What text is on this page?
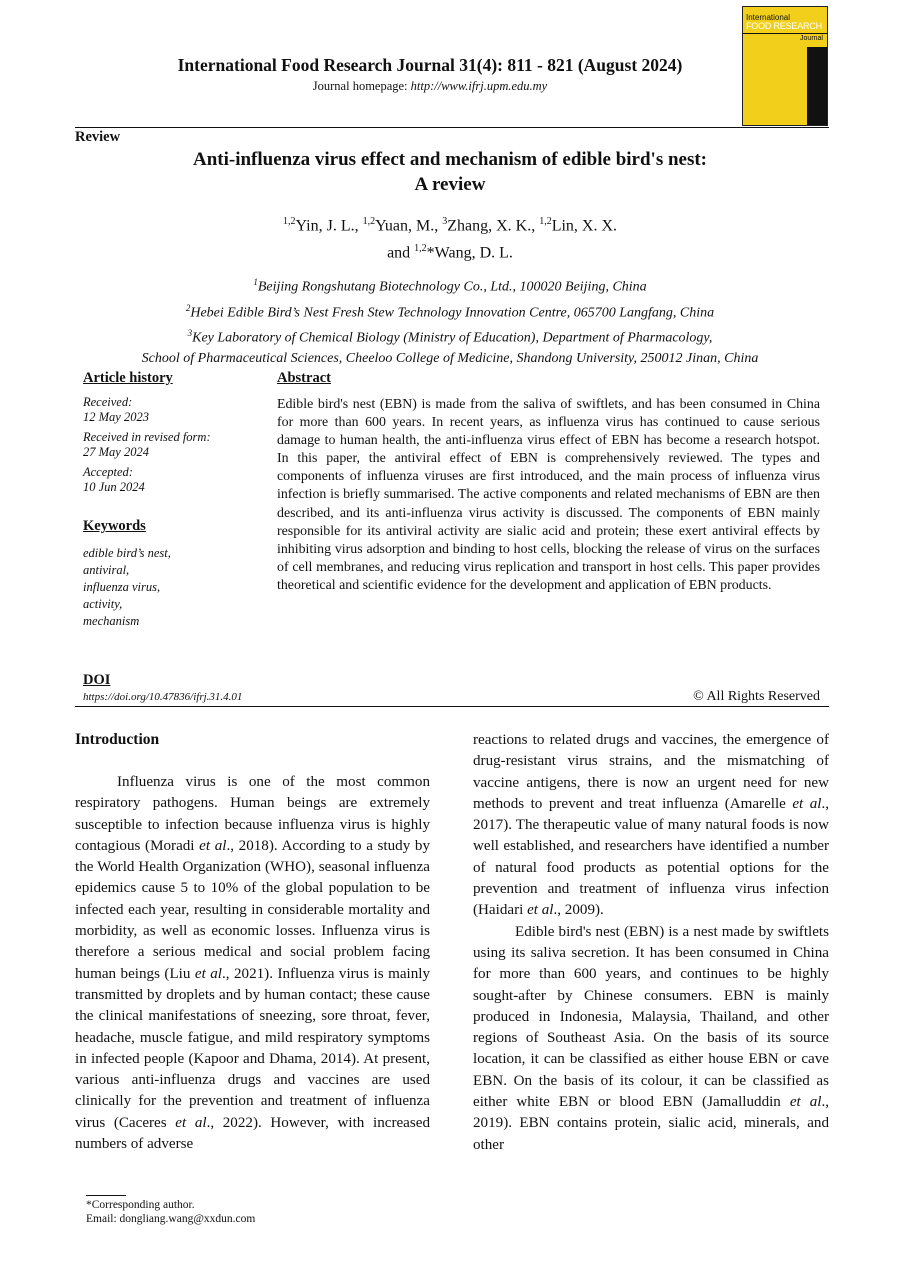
International Food Research Journal 31(4): 811 - 821 (August 2024)
Journal homepage: http://www.ifrj.upm.edu.my
International
FOOD RESEARCH
Journal
Review
Anti-influenza virus effect and mechanism of edible bird's nest:
A review
$^{1,2}$Yin, J. L., $^{1,2}$Yuan, M., $^3$Zhang, X. K., $^{1,2}$Lin, X. X.
and $^{1,2}$*Wang, D. L.
$^1$Beijing Rongshutang Biotechnology Co., Ltd., 100020 Beijing, China
$^2$Hebei Edible Bird’s Nest Fresh Stew Technology Innovation Centre, 065700 Langfang, China
$^3$Key Laboratory of Chemical Biology (Ministry of Education), Department of Pharmacology,
School of Pharmaceutical Sciences, Cheeloo College of Medicine, Shandong University, 250012 Jinan, China
Article history
Received:
12 May 2023
Received in revised form:
27 May 2024
Accepted:
10 Jun 2024
Keywords
edible bird’s nest,
antiviral,
influenza virus,
activity,
mechanism
Abstract
Edible bird's nest (EBN) is made from the saliva of swiftlets, and has been consumed in China for more than 600 years. In recent years, as influenza virus has continued to cause serious damage to human health, the anti-influenza virus effect of EBN has become a research hotspot. In this paper, the antiviral effect of EBN is comprehensively reviewed. The types and components of influenza viruses are first introduced, and the main process of influenza virus infection is briefly summarised. The active components and related mechanisms of EBN are then described, and its anti-influenza virus activity is discussed. The components of EBN mainly responsible for its antiviral activity are sialic acid and protein; these exert antiviral effects by inhibiting virus adsorption and binding to host cells, blocking the release of virus on the surfaces of cell membranes, and reducing virus replication and transport in host cells. This paper provides theoretical and scientific evidence for the development and application of EBN products.
DOI
https://doi.org/10.47836/ifrj.31.4.01	© All Rights Reserved
Introduction

Influenza virus is one of the most common respiratory pathogens. Human beings are extremely susceptible to infection because influenza virus is highly contagious (Moradi et al., 2018). According to a study by the World Health Organization (WHO), seasonal influenza epidemics cause 5 to 10% of the global population to be infected each year, resulting in considerable mortality and morbidity, as well as economic losses. Influenza virus is therefore a serious medical and social problem facing human beings (Liu et al., 2021). Influenza virus is mainly transmitted by droplets and by human contact; these cause the clinical manifestations of sneezing, sore throat, fever, headache, muscle fatigue, and mild respiratory symptoms in infected people (Kapoor and Dhama, 2014). At present, various anti-influenza drugs and vaccines are used clinically for the prevention and treatment of influenza virus (Caceres et al., 2022). However, with increased numbers of adverse

reactions to related drugs and vaccines, the emergence of drug-resistant virus strains, and the mismatching of vaccine antigens, there is now an urgent need for new methods to prevent and treat influenza (Amarelle et al., 2017). The therapeutic value of many natural foods is now well established, and researchers have identified a number of natural food products as potential options for the prevention and treatment of influenza virus infection (Haidari et al., 2009).

Edible bird's nest (EBN) is a nest made by swiftlets using its saliva secretion. It has been consumed in China for more than 600 years, and continues to be highly sought-after by Chinese consumers. EBN is mainly produced in Indonesia, Malaysia, Thailand, and other regions of Southeast Asia. On the basis of its source location, it can be classified as either house EBN or cave EBN. On the basis of its colour, it can be classified as either white EBN or blood EBN (Jamalluddin et al., 2019). EBN contains protein, sialic acid, minerals, and other

*Corresponding author.
Email: dongliang.wang@xxdun.com
